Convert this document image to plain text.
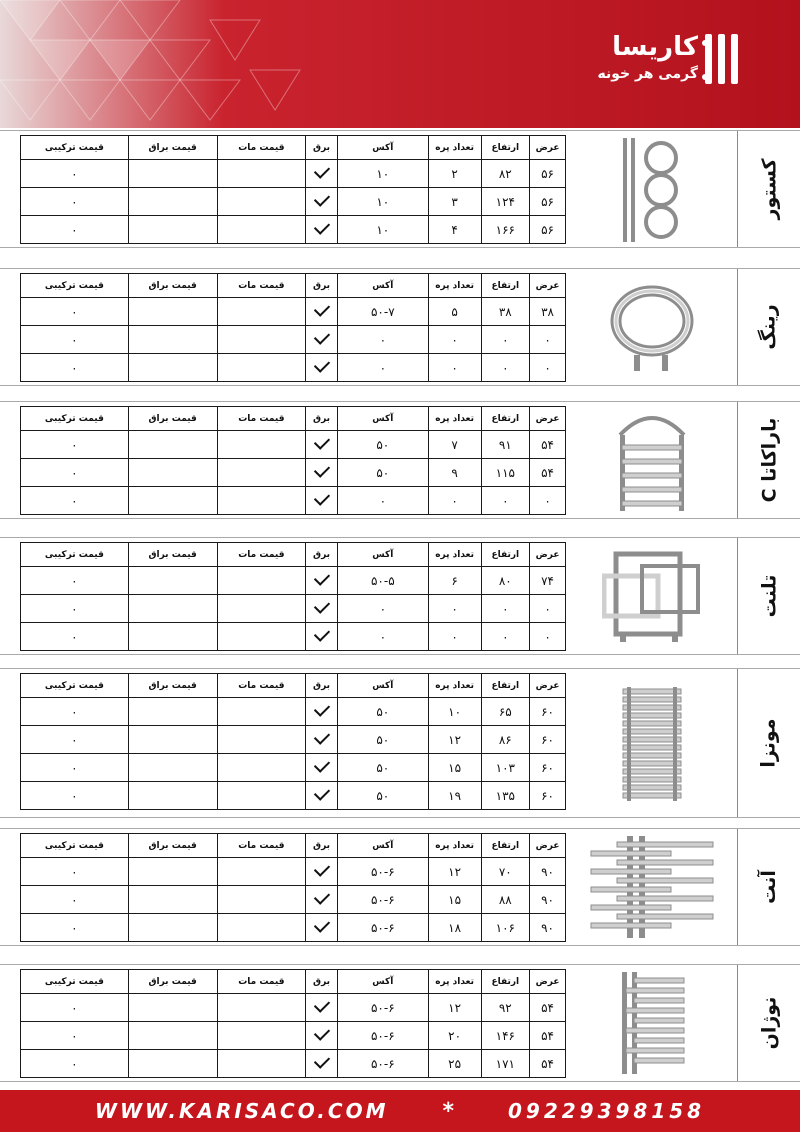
کاریسا
گرمی هر خونه
کستور
عرض	ارتفاع	تعداد پره	آکس	برق	قیمت مات	قیمت براق	قیمت ترکیبی
۵۶	۸۲	۲	۱۰				۰
۵۶	۱۲۴	۳	۱۰				۰
۵۶	۱۶۶	۴	۱۰				۰
رینگ
عرض	ارتفاع	تعداد پره	آکس	برق	قیمت مات	قیمت براق	قیمت ترکیبی
۳۸	۳۸	۵	۵۰-۷				۰
۰	۰	۰	۰				۰
۰	۰	۰	۰				۰
باراکاتا C
عرض	ارتفاع	تعداد پره	آکس	برق	قیمت مات	قیمت براق	قیمت ترکیبی
۵۴	۹۱	۷	۵۰				۰
۵۴	۱۱۵	۹	۵۰				۰
۰	۰	۰	۰				۰
تلنت
عرض	ارتفاع	تعداد پره	آکس	برق	قیمت مات	قیمت براق	قیمت ترکیبی
۷۴	۸۰	۶	۵۰-۵				۰
۰	۰	۰	۰				۰
۰	۰	۰	۰				۰
مونزا
عرض	ارتفاع	تعداد پره	آکس	برق	قیمت مات	قیمت براق	قیمت ترکیبی
۶۰	۶۵	۱۰	۵۰				۰
۶۰	۸۶	۱۲	۵۰				۰
۶۰	۱۰۳	۱۵	۵۰				۰
۶۰	۱۳۵	۱۹	۵۰				۰
آنت
عرض	ارتفاع	تعداد پره	آکس	برق	قیمت مات	قیمت براق	قیمت ترکیبی
۹۰	۷۰	۱۲	۵۰-۶				۰
۹۰	۸۸	۱۵	۵۰-۶				۰
۹۰	۱۰۶	۱۸	۵۰-۶				۰
نوژان
عرض	ارتفاع	تعداد پره	آکس	برق	قیمت مات	قیمت براق	قیمت ترکیبی
۵۴	۹۲	۱۲	۵۰-۶				۰
۵۴	۱۴۶	۲۰	۵۰-۶				۰
۵۴	۱۷۱	۲۵	۵۰-۶				۰
WWW.KARISACO.COM *	09229398158
